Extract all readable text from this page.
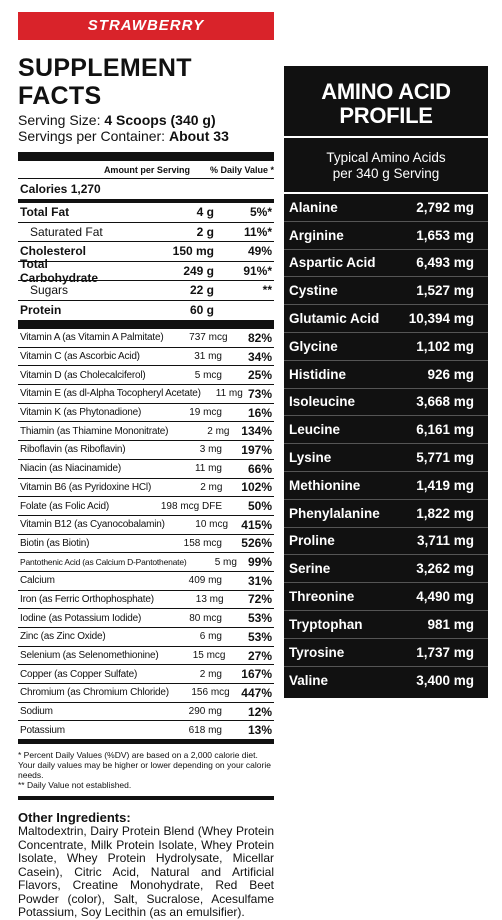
STRAWBERRY
SUPPLEMENT FACTS
Serving Size: 4 Scoops (340 g)
Servings per Container: About 33
Amount per Serving % Daily Value *
Calories 1,270
Total Fat	4 g	5%*
Saturated Fat	2 g	11%*
Cholesterol	150 mg	49%
Total Carbohydrate	249 g	91%*
Sugars	22 g	**
Protein	60 g
Vitamin A (as Vitamin A Palmitate)	737 mcg	82%
Vitamin C (as Ascorbic Acid)	31 mg	34%
Vitamin D (as Cholecalciferol)	5 mcg	25%
Vitamin E (as dl-Alpha Tocopheryl Acetate)	11 mg 73%
Vitamin K (as Phytonadione)	19 mcg	16%
Thiamin (as Thiamine Mononitrate)	2 mg 134%
Riboflavin (as Riboflavin)	3 mg	197%
Niacin (as Niacinamide)	11 mg	66%
Vitamin B6 (as Pyridoxine HCl)	2 mg	102%
Folate (as Folic Acid)	198 mcg DFE	50%
Vitamin B12 (as Cyanocobalamin)	10 mcg	415%
Biotin (as Biotin)	158 mcg	526%
Pantothenic Acid (as Calcium D-Pantothenate)	5 mg 99%
Calcium	409 mg	31%
Iron (as Ferric Orthophosphate)	13 mg	72%
Iodine (as Potassium Iodide)	80 mcg	53%
Zinc (as Zinc Oxide)	6 mg	53%
Selenium (as Selenomethionine)	15 mcg	27%
Copper (as Copper Sulfate)	2 mg	167%
Chromium (as Chromium Chloride)	156 mcg 447%
Sodium	290 mg	12%
Potassium	618 mg	13%
* Percent Daily Values (%DV) are based on a 2,000 calorie diet. Your daily values may be higher or lower depending on your calorie needs.
** Daily Value not established.
Other Ingredients:
Maltodextrin, Dairy Protein Blend (Whey Protein Concentrate, Milk Protein Isolate, Whey Protein Isolate, Whey Protein Hydrolysate, Micellar Casein), Citric Acid, Natural and Artificial Flavors, Creatine Monohydrate, Red Beet Powder (color), Salt, Sucralose, Acesulfame Potassium, Soy Lecithin (as an emulsifier).
AMINO ACID
PROFILE
Typical Amino Acids
per 340 g Serving
Alanine	2,792 mg
Arginine	1,653 mg
Aspartic Acid	6,493 mg
Cystine	1,527 mg
Glutamic Acid	10,394 mg
Glycine	1,102 mg
Histidine	926 mg
Isoleucine	3,668 mg
Leucine	6,161 mg
Lysine	5,771 mg
Methionine	1,419 mg
Phenylalanine	1,822 mg
Proline	3,711 mg
Serine	3,262 mg
Threonine	4,490 mg
Tryptophan	981 mg
Tyrosine	1,737 mg
Valine	3,400 mg
